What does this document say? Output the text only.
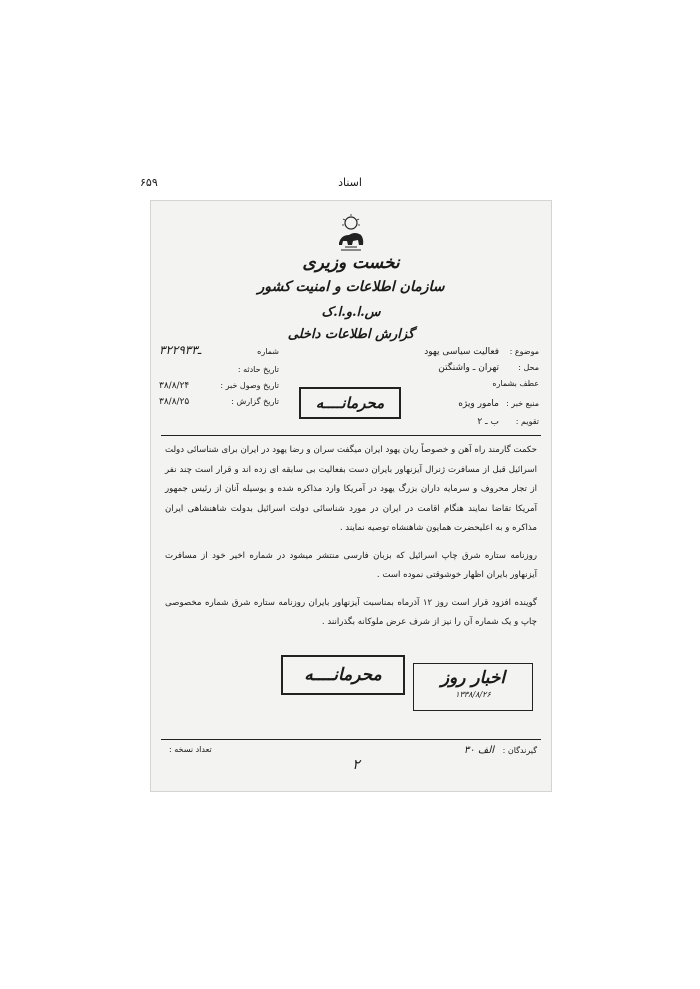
اسناد
۶۵۹
نخست وزیری
سازمان اطلاعات و امنیت کشور
س.ا.و.ا.ک
گزارش اطلاعات داخلی
موضوع :
فعالیت سیاسی یهود
محل :
تهران ـ واشنگتن
عطف بشماره
منبع خبر :
مامور ویژه
تقویم :
ب ـ ۲
شماره
۳۲۲۹ـ۳۳
تاریخ حادثه :
تاریخ وصول خبر :
۳۸/۸/۲۴
تاریخ گزارش :
۳۸/۸/۲۵	محرمانــــه

حکمت گارمند راه آهن و خصوصاً ریان یهود ایران میگفت سران و رضا یهود در ایران برای شناسائی دولت اسرائیل قبل از مسافرت ژنرال آیزنهاور بایران دست بفعالیت بی سابقه ای زده اند و قرار است چند نفر از تجار محروف و سرمایه داران بزرگ یهود در آمریکا وارد مذاکره شده و بوسیله آنان از رئیس جمهور آمریکا تقاضا نمایند هنگام اقامت در ایران در مورد شناسائی دولت اسرائیل بدولت شاهنشاهی ایران مذاکره و به اعلیحضرت همایون شاهنشاه توصیه نمایند .

روزنامه ستاره شرق چاپ اسرائیل که بزبان فارسی منتشر میشود در شماره اخیر خود از مسافرت آیزنهاور بایران اظهار خوشوقتی نموده است .

گوینده افزود قرار است روز ۱۲ آذرماه بمناسبت آیزنهاور بایران روزنامه ستاره شرق شماره مخصوصی چاپ و یک شماره آن را نیز از شرف عرض ملوکانه بگذرانند .

محرمانــــه	اخبار روز
۱۳۳۸/۸/۲۶
گیرندگان : الف ۳۰
تعداد نسخه :
۲
